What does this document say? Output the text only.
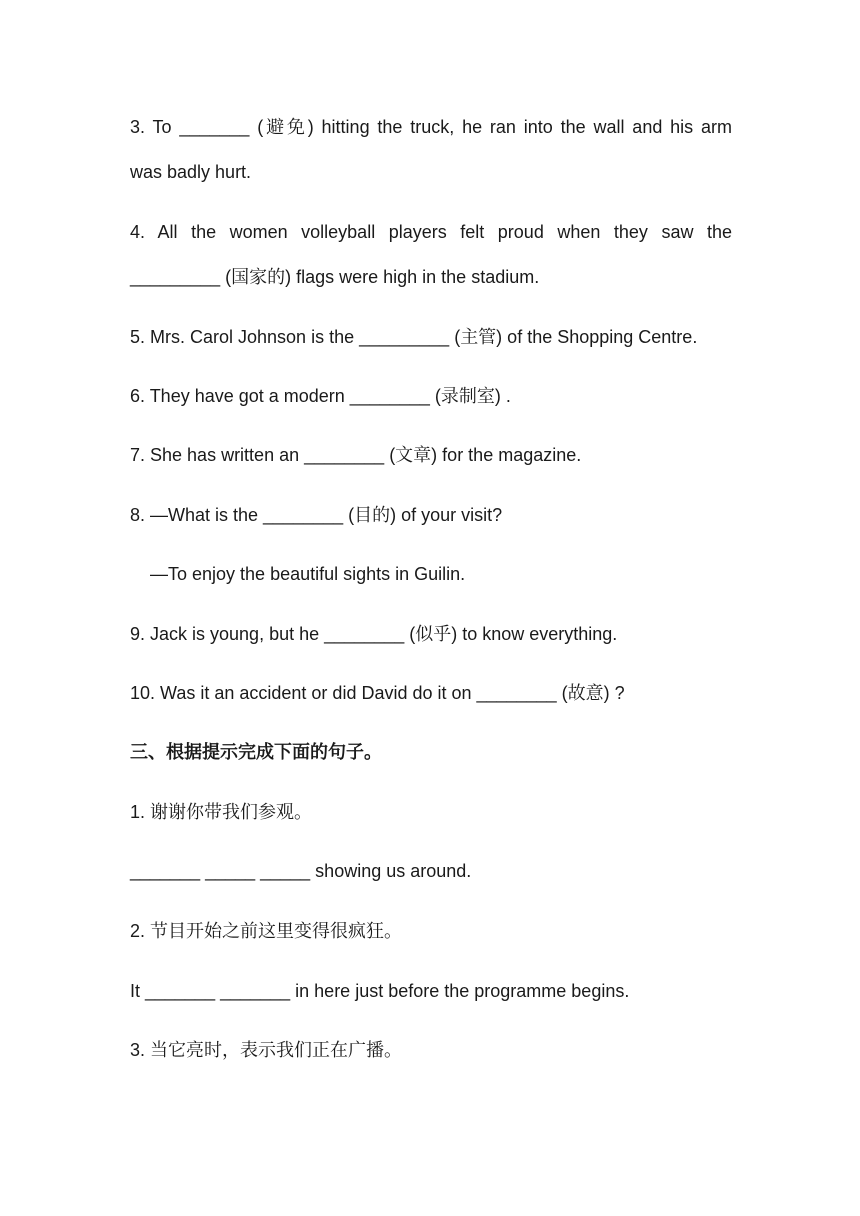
3. To _______ (避免) hitting the truck, he ran into the wall and his arm
was badly hurt.
4. All the women volleyball players felt proud when they saw the
_________ (国家的) flags were high in the stadium.
5. Mrs. Carol Johnson is the _________ (主管) of the Shopping Centre.
6. They have got a modern ________ (录制室) .
7. She has written an ________ (文章) for the magazine.
8. —What is the ________ (目的) of your visit?
—To enjoy the beautiful sights in Guilin.
9. Jack is young, but he ________ (似乎) to know everything.
10. Was it an accident or did David do it on ________ (故意) ?
三、根据提示完成下面的句子。
1. 谢谢你带我们参观。
_______ _____ _____ showing us around.
2. 节目开始之前这里变得很疯狂。
It _______ _______ in here just before the programme begins.
3. 当它亮时，表示我们正在广播。
